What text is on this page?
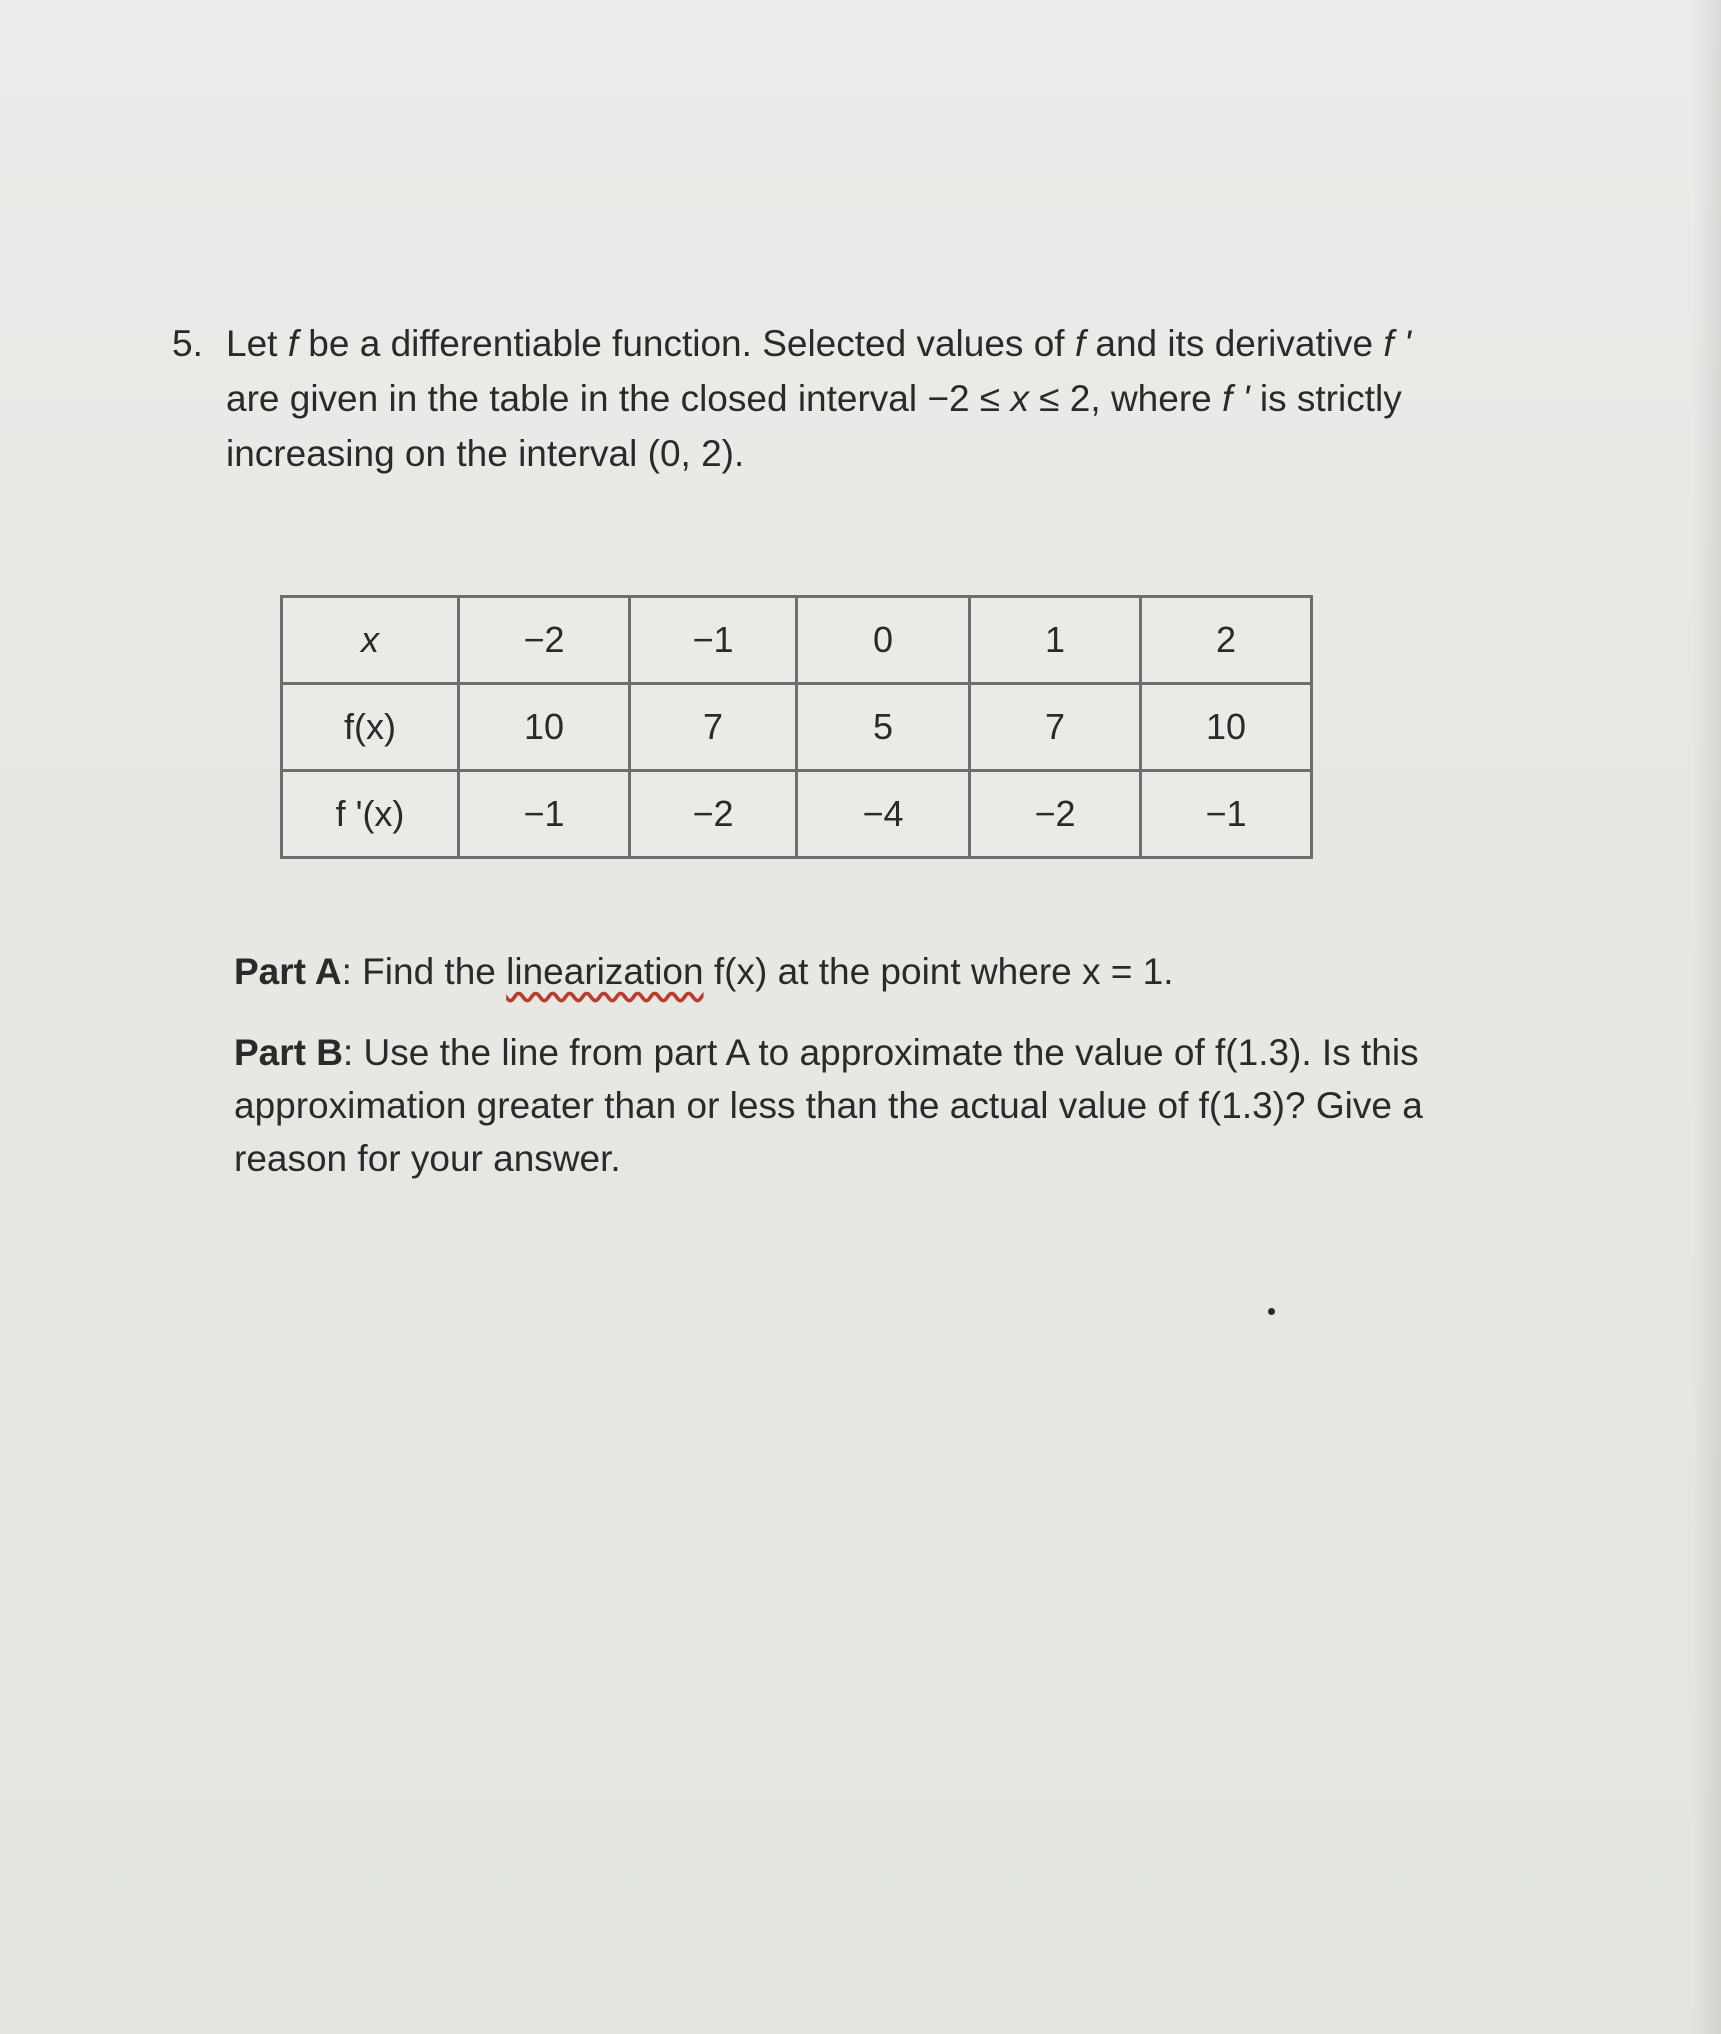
5. Let f be a differentiable function. Selected values of f and its derivative f '
are given in the table in the closed interval −2 ≤ x ≤ 2, where f ' is strictly
increasing on the interval (0, 2).
x	−2	−1	0	1	2
f(x)	10	7	5	7	10
f '(x)	−1	−2	−4	−2	−1
Part A: Find the linearization f(x) at the point where x = 1.
Part B: Use the line from part A to approximate the value of f(1.3). Is this
approximation greater than or less than the actual value of f(1.3)? Give a
reason for your answer.
